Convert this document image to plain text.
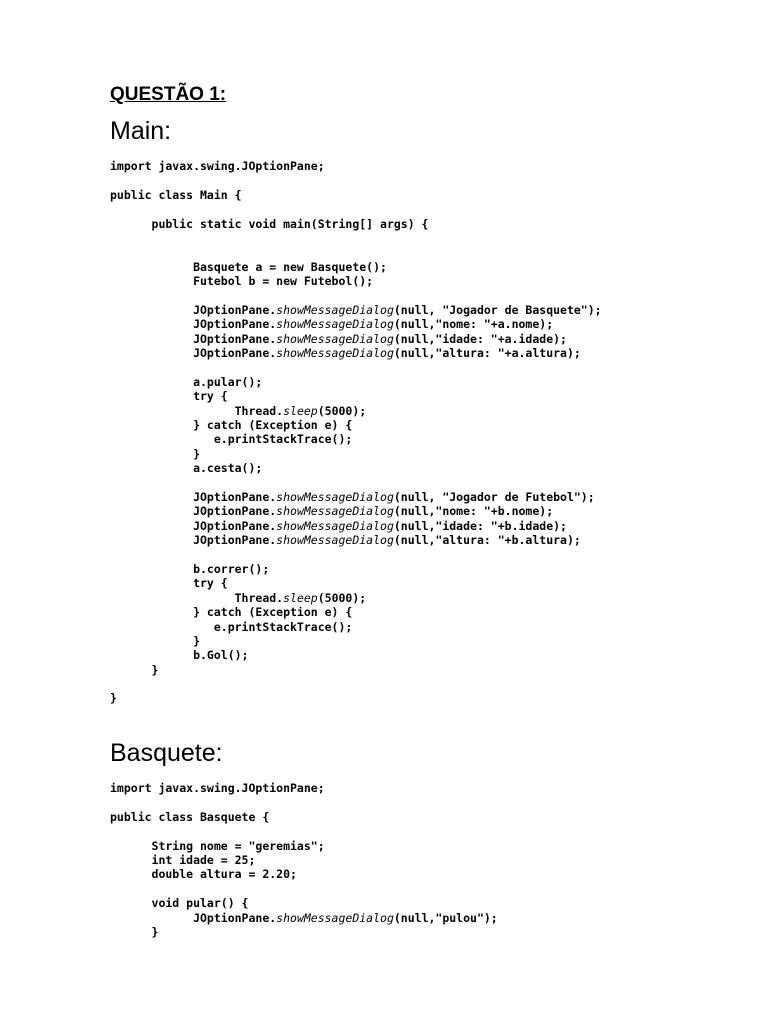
QUESTÃO 1:
Main:
import javax.swing.JOptionPane;
public class Main {
public static void main(String[] args) {
Basquete a = new Basquete();
Futebol b = new Futebol();
JOptionPane.showMessageDialog(null, "Jogador de Basquete");
JOptionPane.showMessageDialog(null,"nome: "+a.nome);
JOptionPane.showMessageDialog(null,"idade: "+a.idade);
JOptionPane.showMessageDialog(null,"altura: "+a.altura);
a.pular();
try {
Thread.sleep(5000);
} catch (Exception e) {
e.printStackTrace();
}
a.cesta();
JOptionPane.showMessageDialog(null, "Jogador de Futebol");
JOptionPane.showMessageDialog(null,"nome: "+b.nome);
JOptionPane.showMessageDialog(null,"idade: "+b.idade);
JOptionPane.showMessageDialog(null,"altura: "+b.altura);
b.correr();
try {
Thread.sleep(5000);
} catch (Exception e) {
e.printStackTrace();
}
b.Gol();
}
}
Basquete:
import javax.swing.JOptionPane;
public class Basquete {
String nome = "geremias";
int idade = 25;
double altura = 2.20;
void pular() {
JOptionPane.showMessageDialog(null,"pulou");
}
